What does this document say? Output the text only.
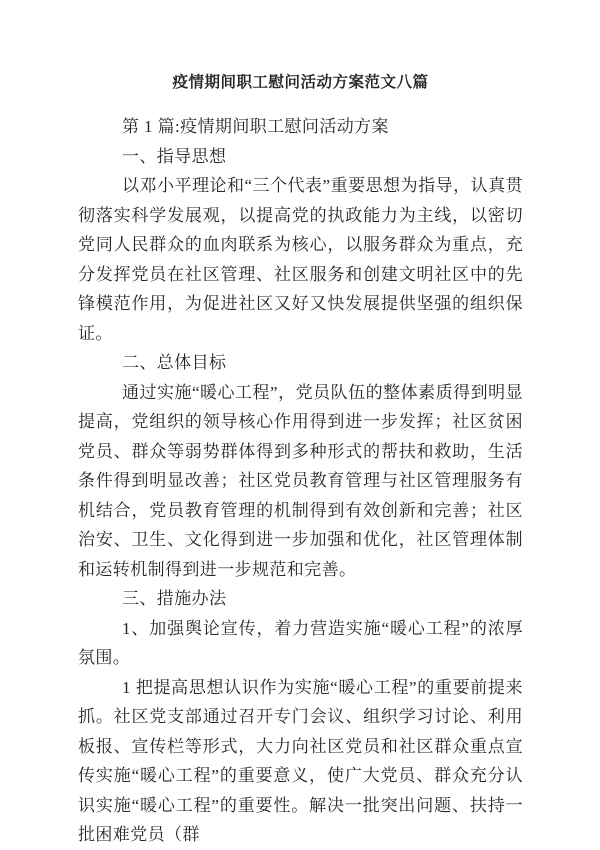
疫情期间职工慰问活动方案范文八篇

第 1 篇:疫情期间职工慰问活动方案

一、指导思想

以邓小平理论和“三个代表”重要思想为指导，认真贯彻落实科学发展观，以提高党的执政能力为主线，以密切党同人民群众的血肉联系为核心，以服务群众为重点，充分发挥党员在社区管理、社区服务和创建文明社区中的先锋模范作用，为促进社区又好又快发展提供坚强的组织保证。

二、总体目标

通过实施“暖心工程”，党员队伍的整体素质得到明显提高，党组织的领导核心作用得到进一步发挥；社区贫困党员、群众等弱势群体得到多种形式的帮扶和救助，生活条件得到明显改善；社区党员教育管理与社区管理服务有机结合，党员教育管理的机制得到有效创新和完善；社区治安、卫生、文化得到进一步加强和优化，社区管理体制和运转机制得到进一步规范和完善。

三、措施办法

1、加强舆论宣传，着力营造实施“暖心工程”的浓厚氛围。

1 把提高思想认识作为实施“暖心工程”的重要前提来抓。社区党支部通过召开专门会议、组织学习讨论、利用板报、宣传栏等形式，大力向社区党员和社区群众重点宣传实施“暖心工程”的重要意义，使广大党员、群众充分认识实施“暖心工程”的重要性。解决一批突出问题、扶持一批困难党员（群
